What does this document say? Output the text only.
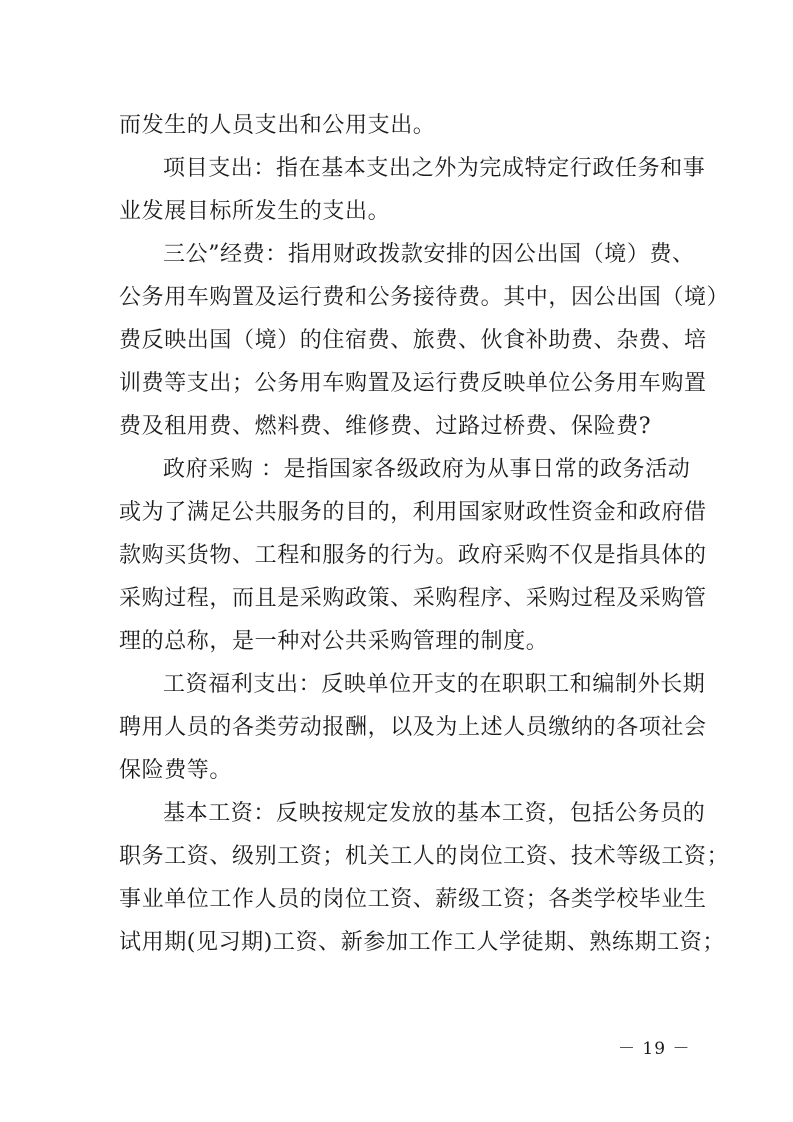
而发生的人员支出和公用支出。
项目支出：指在基本支出之外为完成特定行政任务和事
业发展目标所发生的支出。
三公”经费：指用财政拨款安排的因公出国（境）费、
公务用车购置及运行费和公务接待费。其中，因公出国（境）
费反映出国（境）的住宿费、旅费、伙食补助费、杂费、培
训费等支出；公务用车购置及运行费反映单位公务用车购置
费及租用费、燃料费、维修费、过路过桥费、保险费?
政府采购 ：是指国家各级政府为从事日常的政务活动
或为了满足公共服务的目的，利用国家财政性资金和政府借
款购买货物、工程和服务的行为。政府采购不仅是指具体的
采购过程，而且是采购政策、采购程序、采购过程及采购管
理的总称，是一种对公共采购管理的制度。
工资福利支出：反映单位开支的在职职工和编制外长期
聘用人员的各类劳动报酬，以及为上述人员缴纳的各项社会
保险费等。
基本工资：反映按规定发放的基本工资，包括公务员的
职务工资、级别工资；机关工人的岗位工资、技术等级工资；
事业单位工作人员的岗位工资、薪级工资；各类学校毕业生
试用期(见习期)工资、新参加工作工人学徒期、熟练期工资；
－ 19 －
